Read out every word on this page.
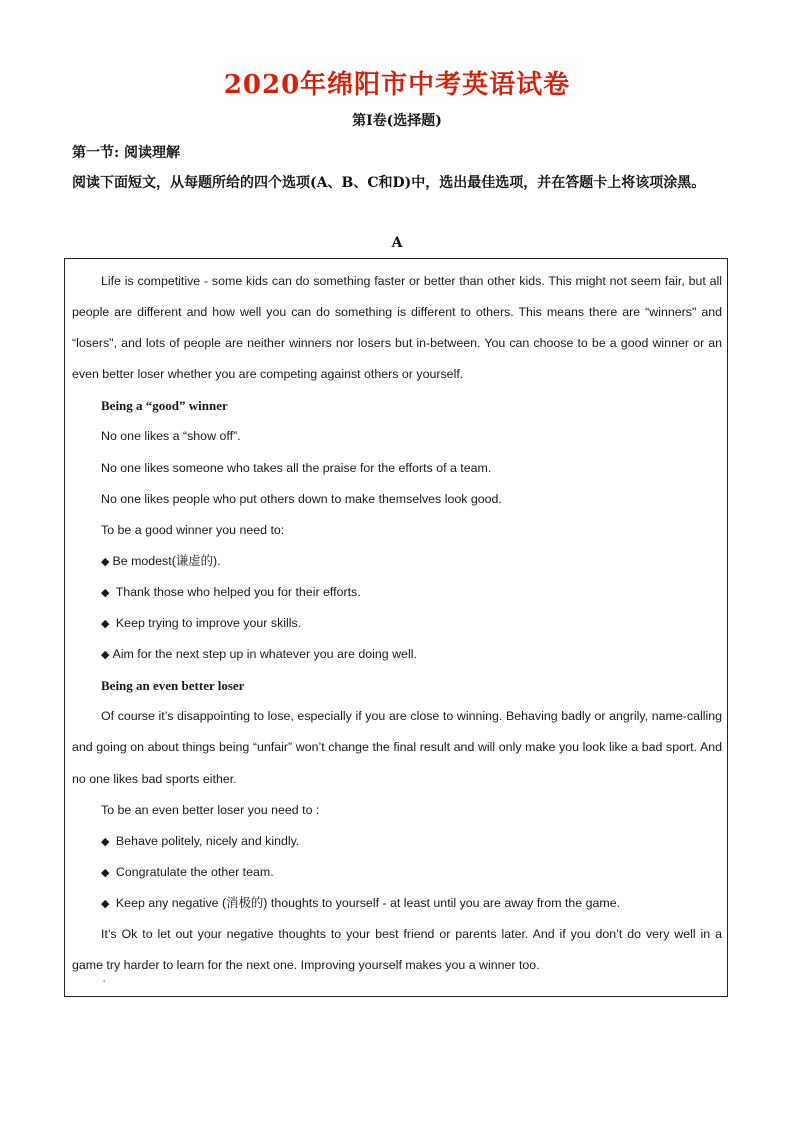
2020年绵阳市中考英语试卷
第Ⅰ卷(选择题)
第一节: 阅读理解
阅读下面短文，从每题所给的四个选项(A、B、C和D)中，选出最佳选项，并在答题卡上将该项涂黑。
A

Life is competitive - some kids can do something faster or better than other kids. This might not seem fair, but all people are different and how well you can do something is different to others. This means there are “winners" and “losers", and lots of people are neither winners nor losers but in-between. You can choose to be a good winner or an even better loser whether you are competing against others or yourself.

Being a “good” winner

No one likes a “show off”.

No one likes someone who takes all the praise for the efforts of a team.

No one likes people who put others down to make themselves look good.

To be a good winner you need to:

◆ Be modest(谦虚的).

◆ Thank those who helped you for their efforts.

◆ Keep trying to improve your skills.

◆ Aim for the next step up in whatever you are doing well.

Being an even better loser

Of course it’s disappointing to lose, especially if you are close to winning. Behaving badly or angrily, name-calling and going on about things being “unfair” won’t change the final result and will only make you look like a bad sport. And no one likes bad sports either.

To be an even better loser you need to :

◆ Behave politely, nicely and kindly.

◆ Congratulate the other team.

◆ Keep any negative (消极的) thoughts to yourself - at least until you are away from the game.

It’s Ok to let out your negative thoughts to your best friend or parents later. And if you don’t do very well in a game try harder to learn for the next one. Improving yourself makes you a winner too.

'
